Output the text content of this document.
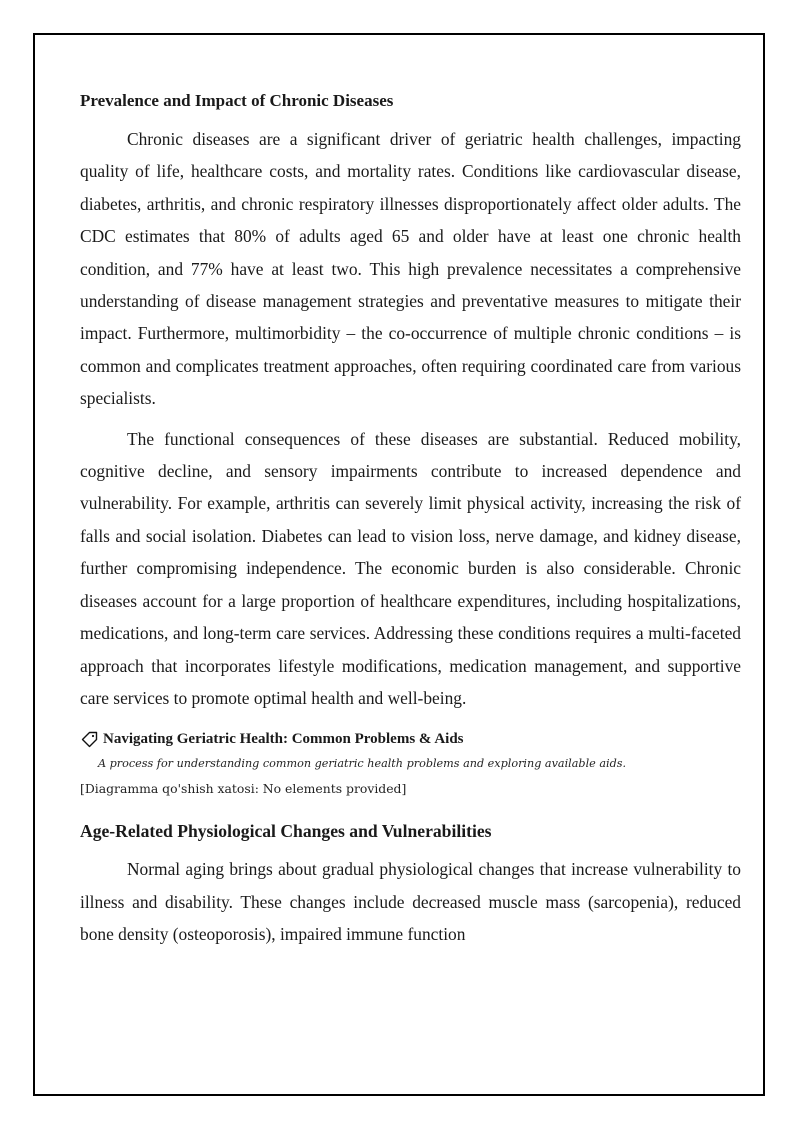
Prevalence and Impact of Chronic Diseases

Chronic diseases are a significant driver of geriatric health challenges, impacting quality of life, healthcare costs, and mortality rates. Conditions like cardiovascular disease, diabetes, arthritis, and chronic respiratory illnesses disproportionately affect older adults. The CDC estimates that 80% of adults aged 65 and older have at least one chronic health condition, and 77% have at least two. This high prevalence necessitates a comprehensive understanding of disease management strategies and preventative measures to mitigate their impact. Furthermore, multimorbidity – the co-occurrence of multiple chronic conditions – is common and complicates treatment approaches, often requiring coordinated care from various specialists.

The functional consequences of these diseases are substantial. Reduced mobility, cognitive decline, and sensory impairments contribute to increased dependence and vulnerability. For example, arthritis can severely limit physical activity, increasing the risk of falls and social isolation. Diabetes can lead to vision loss, nerve damage, and kidney disease, further compromising independence. The economic burden is also considerable. Chronic diseases account for a large proportion of healthcare expenditures, including hospitalizations, medications, and long-term care services. Addressing these conditions requires a multi-faceted approach that incorporates lifestyle modifications, medication management, and supportive care services to promote optimal health and well-being.

Navigating Geriatric Health: Common Problems & Aids
A process for understanding common geriatric health problems and exploring available aids.
[Diagramma qo'shish xatosi: No elements provided]
Age-Related Physiological Changes and Vulnerabilities

Normal aging brings about gradual physiological changes that increase vulnerability to illness and disability. These changes include decreased muscle mass (sarcopenia), reduced bone density (osteoporosis), impaired immune function
